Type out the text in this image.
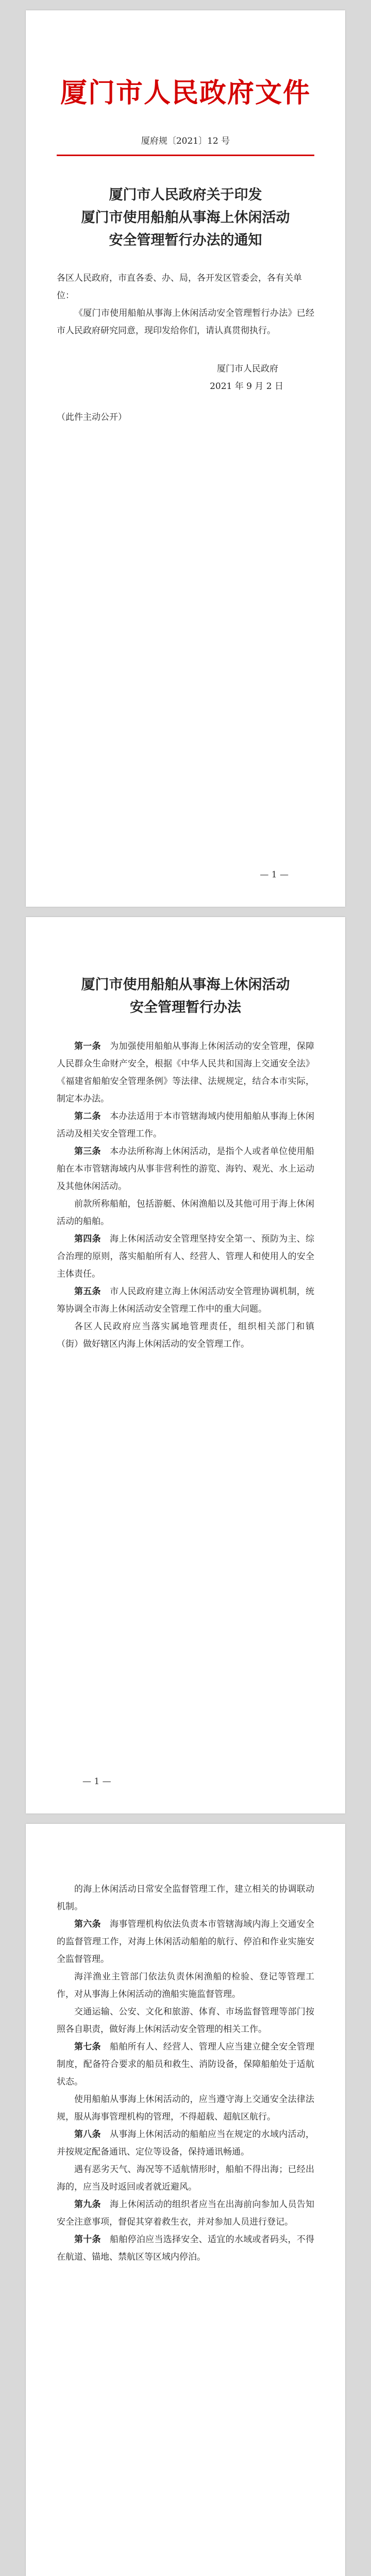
厦门市人民政府文件
厦府规〔2021〕12 号
厦门市人民政府关于印发
厦门市使用船舶从事海上休闲活动
安全管理暂行办法的通知
各区人民政府，市直各委、办、局，各开发区管委会，各有关单位：

《厦门市使用船舶从事海上休闲活动安全管理暂行办法》已经市人民政府研究同意，现印发给你们，请认真贯彻执行。

厦门市人民政府
2021 年 9 月 2 日
（此件主动公开）
— 1 —
厦门市使用船舶从事海上休闲活动
安全管理暂行办法

第一条　 为加强使用船舶从事海上休闲活动的安全管理，保障人民群众生命财产安全，根据《中华人民共和国海上交通安全法》《福建省船舶安全管理条例》等法律、法规规定，结合本市实际，制定本办法。

第二条　 本办法适用于本市管辖海域内使用船舶从事海上休闲活动及相关安全管理工作。

第三条　 本办法所称海上休闲活动，是指个人或者单位使用船舶在本市管辖海域内从事非营利性的游览、海钓、观光、水上运动及其他休闲活动。

前款所称船舶，包括游艇、休闲渔船以及其他可用于海上休闲活动的船舶。

第四条　 海上休闲活动安全管理坚持安全第一、预防为主、综合治理的原则，落实船舶所有人、经营人、管理人和使用人的安全主体责任。

第五条　 市人民政府建立海上休闲活动安全管理协调机制，统筹协调全市海上休闲活动安全管理工作中的重大问题。

各区人民政府应当落实属地管理责任，组织相关部门和镇（街）做好辖区内海上休闲活动的安全管理工作。

— 1 —

的海上休闲活动日常安全监督管理工作，建立相关的协调联动机制。

第六条　 海事管理机构依法负责本市管辖海域内海上交通安全的监督管理工作，对海上休闲活动船舶的航行、停泊和作业实施安全监督管理。

海洋渔业主管部门依法负责休闲渔船的检验、登记等管理工作，对从事海上休闲活动的渔船实施监督管理。

交通运输、公安、文化和旅游、体育、市场监督管理等部门按照各自职责，做好海上休闲活动安全管理的相关工作。

第七条　 船舶所有人、经营人、管理人应当建立健全安全管理制度，配备符合要求的船员和救生、消防设备，保障船舶处于适航状态。

使用船舶从事海上休闲活动的，应当遵守海上交通安全法律法规，服从海事管理机构的管理，不得超载、超航区航行。

第八条　 从事海上休闲活动的船舶应当在规定的水域内活动，并按规定配备通讯、定位等设备，保持通讯畅通。

遇有恶劣天气、海况等不适航情形时，船舶不得出海；已经出海的，应当及时返回或者就近避风。

第九条　 海上休闲活动的组织者应当在出海前向参加人员告知安全注意事项，督促其穿着救生衣，并对参加人员进行登记。

第十条　 船舶停泊应当选择安全、适宜的水域或者码头，不得在航道、锚地、禁航区等区域内停泊。
